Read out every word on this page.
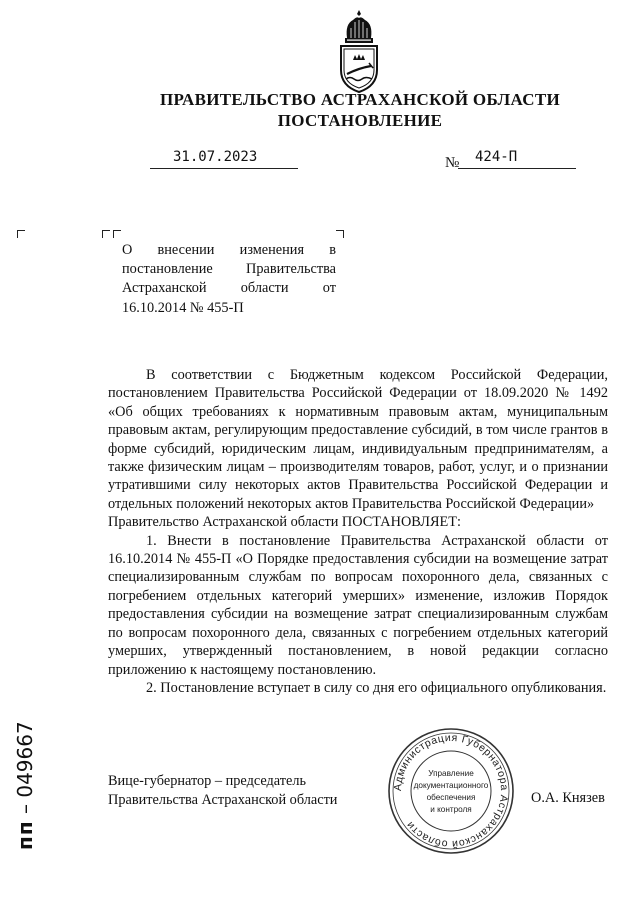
ПРАВИТЕЛЬСТВО АСТРАХАНСКОЙ ОБЛАСТИ
ПОСТАНОВЛЕНИЕ
31.07.2023	№ 424-П
О внесении изменения в постановление Правительства Астраханской области от 16.10.2014 № 455-П

В соответствии с Бюджетным кодексом Российской Федерации, постановлением Правительства Российской Федерации от 18.09.2020 № 1492 «Об общих требованиях к нормативным правовым актам, муниципальным правовым актам, регулирующим предоставление субсидий, в том числе грантов в форме субсидий, юридическим лицам, индивидуальным предпринимателям, а также физическим лицам – производителям товаров, работ, услуг, и о признании утратившими силу некоторых актов Правительства Российской Федерации и отдельных положений некоторых актов Правительства Российской Федерации»

Правительство Астраханской области ПОСТАНОВЛЯЕТ:

1. Внести в постановление Правительства Астраханской области от 16.10.2014 № 455-П «О Порядке предоставления субсидии на возмещение затрат специализированным службам по вопросам похоронного дела, связанных с погребением отдельных категорий умерших» изменение, изложив Порядок предоставления субсидии на возмещение затрат специализированным службам по вопросам похоронного дела, связанных с погребением отдельных категорий умерших, утвержденный постановлением, в новой редакции согласно приложению к настоящему постановлению.

2. Постановление вступает в силу со дня его официального опубликования.

Вице-губернатор – председатель
Правительства Астраханской области	О.А. Князев
Администрация Губернатора Астраханской области
Управление
документационного
обеспечения
и контроля
пп – 049667
